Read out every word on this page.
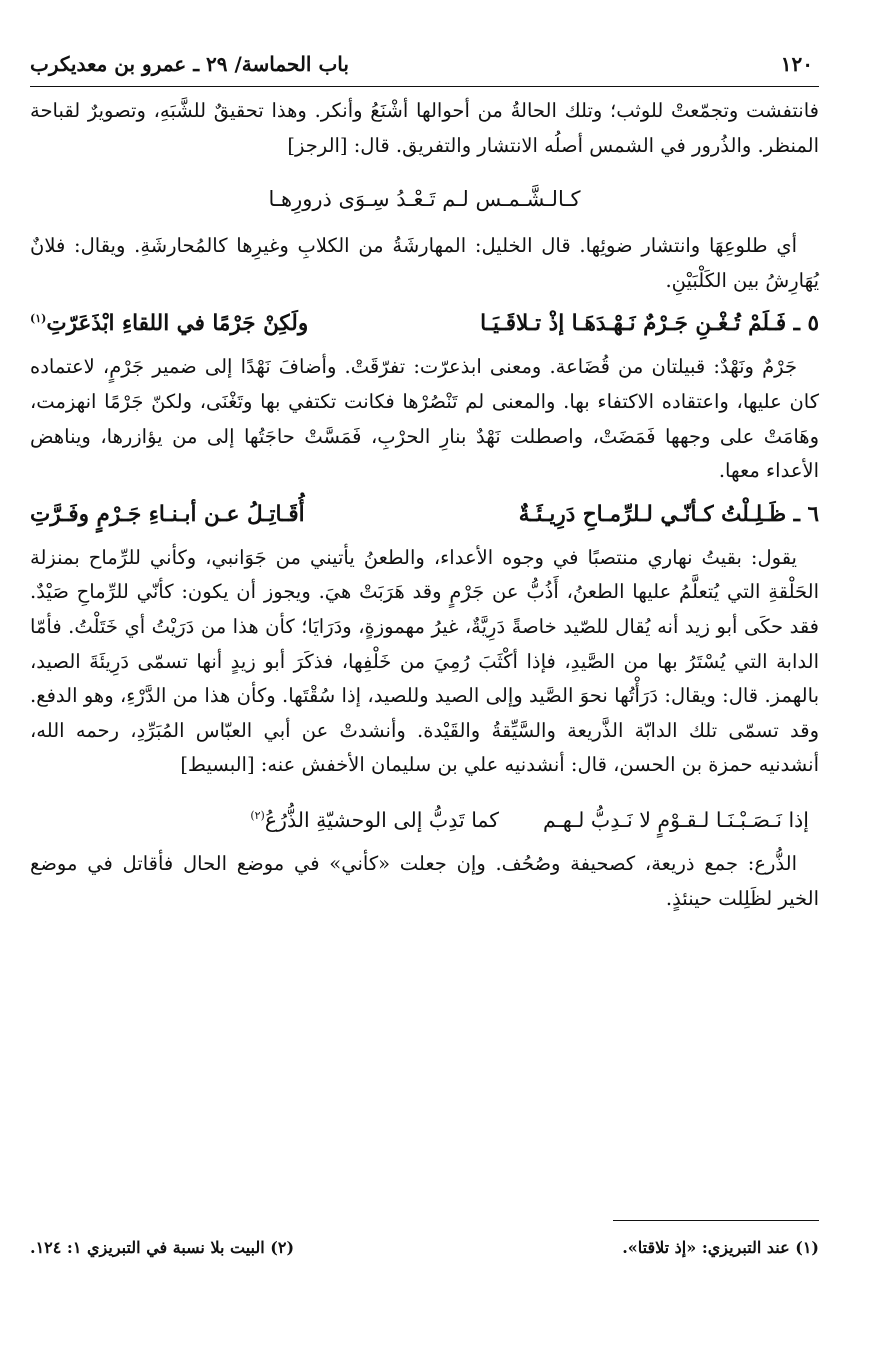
١٢٠
باب الحماسة/ ٢٩ ـ عمرو بن معديكرب

فانتفشت وتجمّعتْ للوثب؛ وتلك الحالةُ من أحوالها أشْنَعُ وأنكر. وهذا تحقيقٌ للشَّبَهِ، وتصويرٌ لقباحة المنظر. والذُرور في الشمس أصلُه الانتشار والتفريق. قال: [الرجز]

كـالـشَّـمـس لـم تَـعْـدُ سِـوَى ذرورِهـا

أي طلوعِهَا وانتشار ضوئِها. قال الخليل: المهارشَةُ من الكلابِ وغيرِها كالمُحارشَةِ. ويقال: فلانٌ يُهَارِشُ بين الكَلْبَيْنِ.

٥ ـ فَـلَمْ تُـغْـنِ جَـرْمٌ نَـهْـدَهَـا إذْ تـلاقَـيَـا
ولَكِنْ جَرْمًا في اللقاءِ ابْذَعَرّتِ$^{(١)}$

جَرْمٌ ونَهْدٌ: قبيلتان من قُضَاعة. ومعنى ابذعرّت: تفرّقَتْ. وأضافَ نَهْدًا إلى ضمير جَرْمٍ، لاعتماده كان عليها، واعتقاده الاكتفاء بها. والمعنى لم تَنْصُرْها فكانت تكتفي بها وتَغْنَى، ولكنّ جَرْمًا انهزمت، وهَامَتْ على وجهها فَمَضَتْ، واصطلت نَهْدٌ بنارِ الحرْبِ، فَمَسَّتْ حاجَتُها إلى من يؤازرها، ويناهض الأعداء معها.

٦ ـ ظَـلِـلْتُ كـأنّـي لـلرِّمـاحِ دَرِيـئَـةٌ
أُقَـاتِـلُ عـن أبـنـاءِ جَـرْمٍ وفَـرَّتِ

يقول: بقيتُ نهاري منتصبًا في وجوه الأعداء، والطعنُ يأتيني من جَوَانبي، وكأني للرِّماح بمنزلة الحَلْقةِ التي يُتعلَّمُ عليها الطعنُ، أَذُبُّ عن جَرْمٍ وقد هَرَبَتْ هيَ. ويجوز أن يكون: كأنّي للرِّماحِ صَيْدٌ. فقد حكَى أبو زيد أنه يُقال للصّيد خاصةً دَرِيَّةٌ، غيرُ مهموزةٍ، ودَرَايَا؛ كأن هذا من دَرَيْتُ أي خَتَلْتُ. فأمّا الدابة التي يُسْتَرُ بها من الصَّيدِ، فإذا أكْثَبَ رُمِيَ من خَلْفِها، فذكَرَ أبو زيدٍ أنها تسمّى دَرِيئَةَ الصيد، بالهمز. قال: ويقال: دَرَأْتُها نحوَ الصَّيد وإلى الصيد وللصيد، إذا سُقْتَها. وكأن هذا من الدَّرْءِ، وهو الدفع. وقد تسمّى تلك الدابّة الذَّريعة والسَّيِّقةُ والقَيْدة. وأنشدتْ عن أبي العبّاس المُبَرِّدِ، رحمه الله، أنشدنيه حمزة بن الحسن، قال: أنشدنيه علي بن سليمان الأخفش عنه: [البسيط]

إذا نَـصَـبْـنَـا لـقـوْمٍ لا نَـدِبُّ لـهـم
كما تَدِبُّ إلى الوحشيّةِ الذُّرُعُ$^{(٢)}$

الذُّرع: جمع ذريعة، كصحيفة وصُحُف. وإن جعلت «كأني» في موضع الحال فأقاتل في موضع الخير لظَلِلت حينئذٍ.

(١) عند التبريزي: «إذ تلاقتا».
(٢) البيت بلا نسبة في التبريزي ١: ١٢٤.
